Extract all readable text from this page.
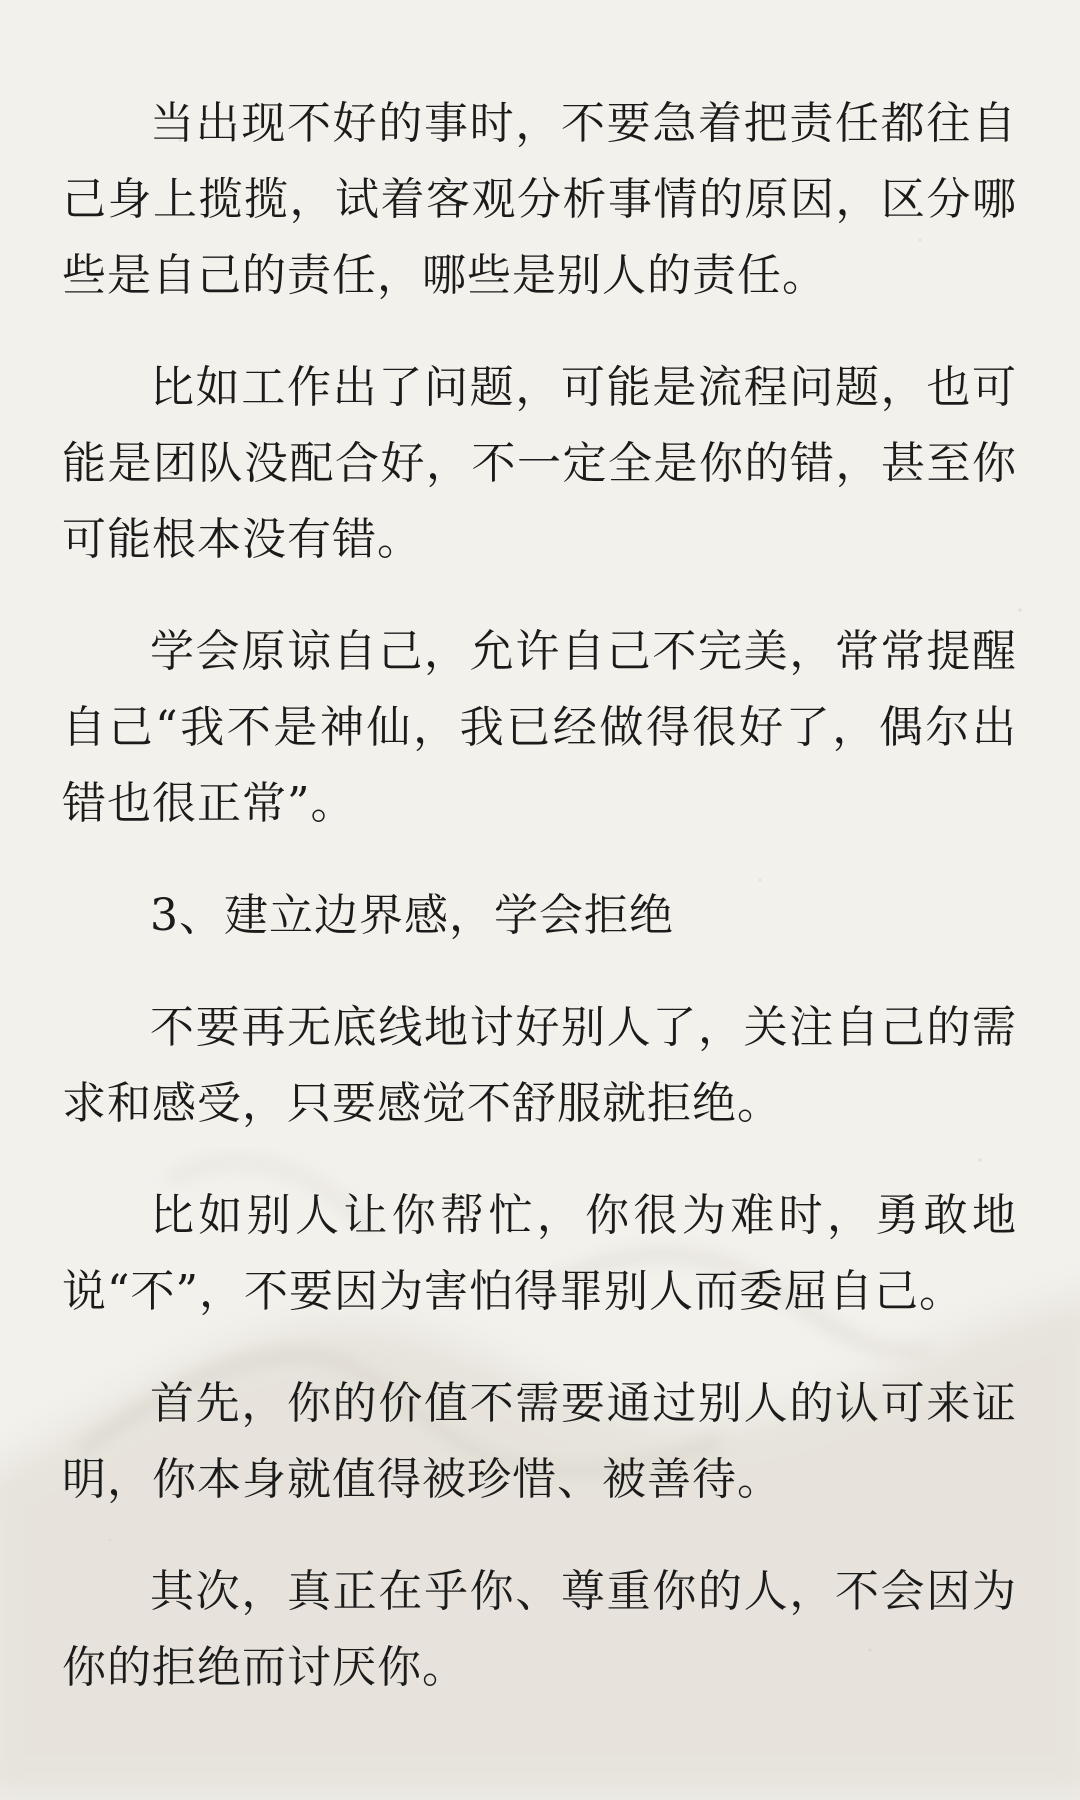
当出现不好的事时，不要急着把责任都往自己身上揽揽，试着客观分析事情的原因，区分哪些是自己的责任，哪些是别人的责任。

比如工作出了问题，可能是流程问题，也可能是团队没配合好，不一定全是你的错，甚至你可能根本没有错。

学会原谅自己，允许自己不完美，常常提醒自己“我不是神仙，我已经做得很好了，偶尔出错也很正常”。

3、建立边界感，学会拒绝

不要再无底线地讨好别人了，关注自己的需求和感受，只要感觉不舒服就拒绝。

比如别人让你帮忙，你很为难时，勇敢地说“不”，不要因为害怕得罪别人而委屈自己。

首先，你的价值不需要通过别人的认可来证明，你本身就值得被珍惜、被善待。

其次，真正在乎你、尊重你的人，不会因为你的拒绝而讨厌你。
